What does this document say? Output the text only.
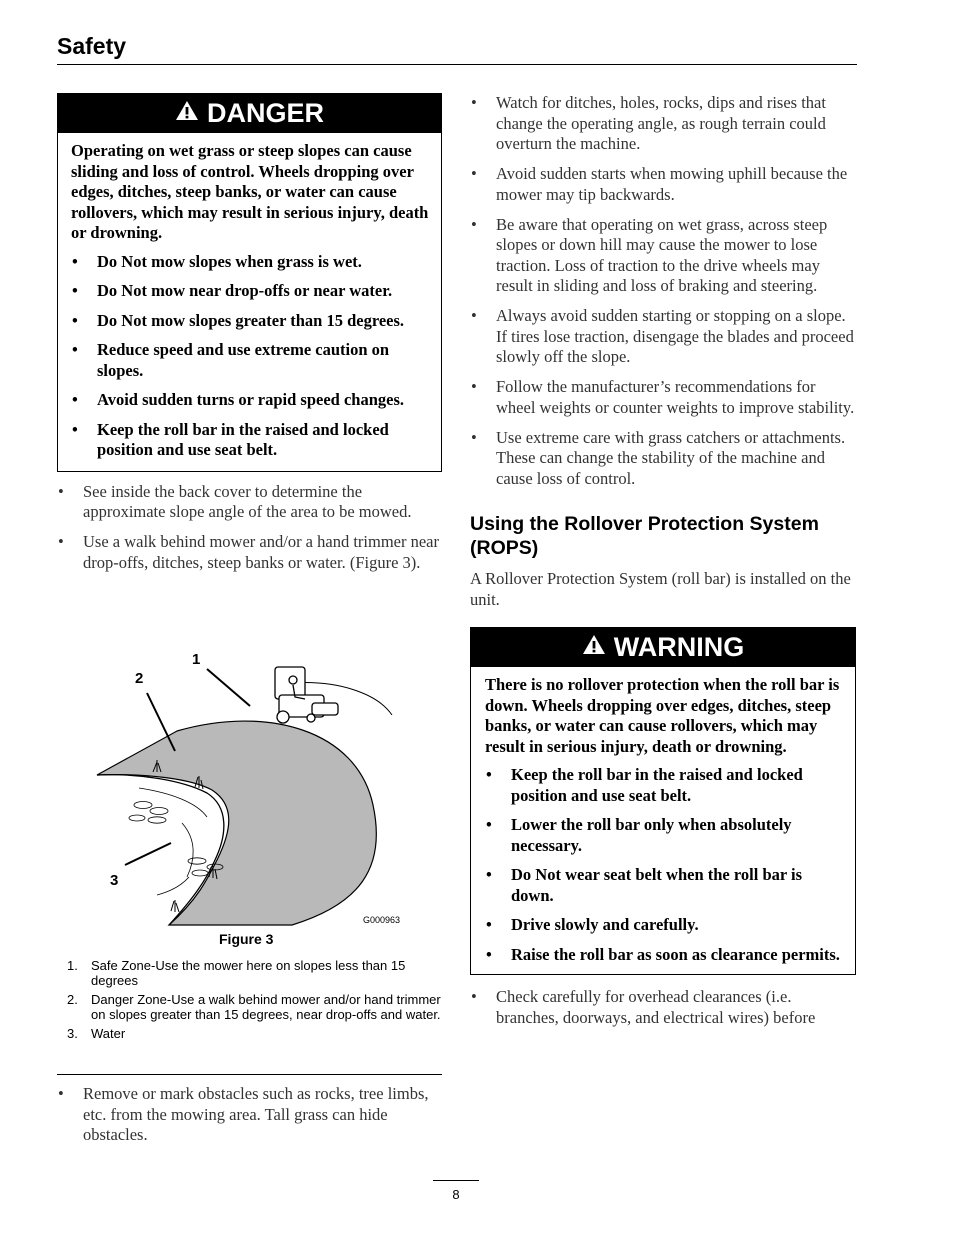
Safety
DANGER

Operating on wet grass or steep slopes can cause sliding and loss of control. Wheels dropping over edges, ditches, steep banks, or water can cause rollovers, which may result in serious injury, death or drowning.

• Do Not mow slopes when grass is wet.
• Do Not mow near drop-offs or near water.
• Do Not mow slopes greater than 15 degrees.
• Reduce speed and use extreme caution on slopes.
• Avoid sudden turns or rapid speed changes.
• Keep the roll bar in the raised and locked position and use seat belt.
• See inside the back cover to determine the approximate slope angle of the area to be mowed.
• Use a walk behind mower and/or a hand trimmer near drop-offs, ditches, steep banks or water. (Figure 3).
1
2
3
G000963
Figure 3
1. Safe Zone-Use the mower here on slopes less than 15 degrees
2. Danger Zone-Use a walk behind mower and/or hand trimmer on slopes greater than 15 degrees, near drop-offs and water.
3. Water
• Remove or mark obstacles such as rocks, tree limbs, etc. from the mowing area. Tall grass can hide obstacles.
• Watch for ditches, holes, rocks, dips and rises that change the operating angle, as rough terrain could overturn the machine.
• Avoid sudden starts when mowing uphill because the mower may tip backwards.
• Be aware that operating on wet grass, across steep slopes or down hill may cause the mower to lose traction. Loss of traction to the drive wheels may result in sliding and loss of braking and steering.
• Always avoid sudden starting or stopping on a slope. If tires lose traction, disengage the blades and proceed slowly off the slope.
• Follow the manufacturer’s recommendations for wheel weights or counter weights to improve stability.
• Use extreme care with grass catchers or attachments. These can change the stability of the machine and cause loss of control.
Using the Rollover Protection System (ROPS)

A Rollover Protection System (roll bar) is installed on the unit.

WARNING

There is no rollover protection when the roll bar is down. Wheels dropping over edges, ditches, steep banks, or water can cause rollovers, which may result in serious injury, death or drowning.

• Keep the roll bar in the raised and locked position and use seat belt.
• Lower the roll bar only when absolutely necessary.
• Do Not wear seat belt when the roll bar is down.
• Drive slowly and carefully.
• Raise the roll bar as soon as clearance permits.
• Check carefully for overhead clearances (i.e. branches, doorways, and electrical wires) before
8
